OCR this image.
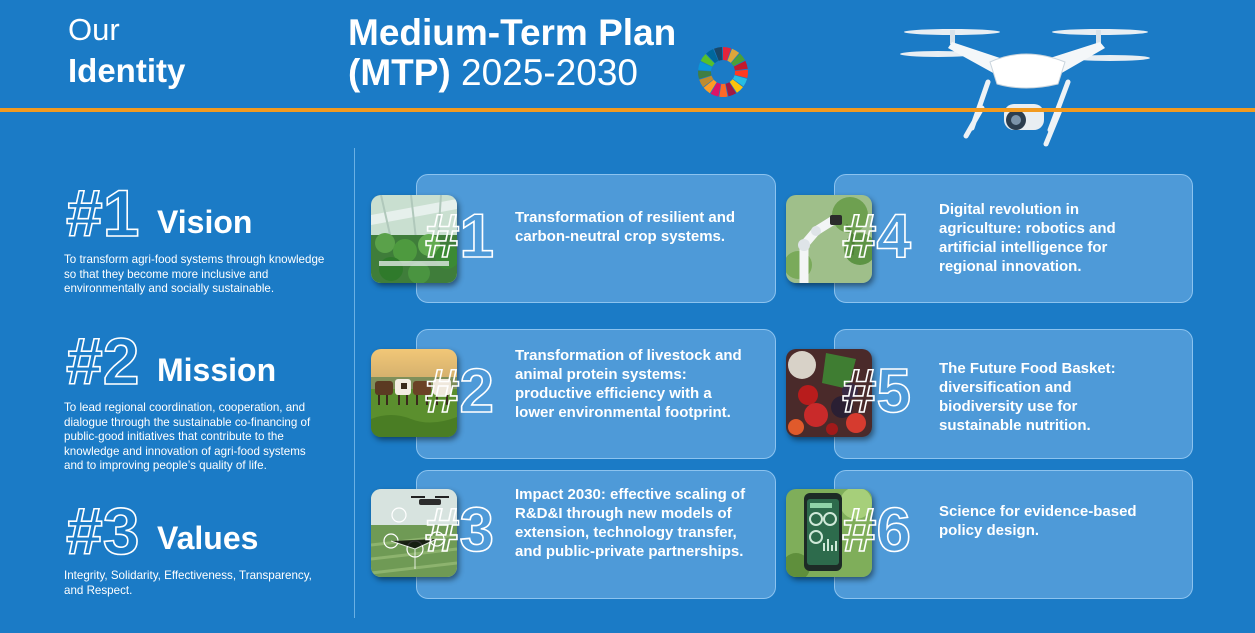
Our
Identity
Medium-Term Plan
(MTP) 2025-2030
#1 Vision
To transform agri-food systems through knowledge so that they become more inclusive and environmentally and socially sustainable.
#2 Mission
To lead regional coordination, cooperation, and dialogue through the sustainable co-financing of public-good initiatives that contribute to the knowledge and innovation of agri-food systems and to improving people’s quality of life.
#3 Values
Integrity, Solidarity, Effectiveness, Transparency, and Respect.
#1 Transformation of resilient and carbon-neutral crop systems.
#2
Transformation of livestock and animal protein systems: productive efficiency with a lower environmental footprint.
#3
Impact 2030: effective scaling of R&D&I through new models of extension, technology transfer, and public-private partnerships.
#4 Digital revolution in agriculture: robotics and artificial intelligence for regional innovation.
#5 The Future Food Basket: diversification and biodiversity use for sustainable nutrition.
#6 Science for evidence-based policy design.
